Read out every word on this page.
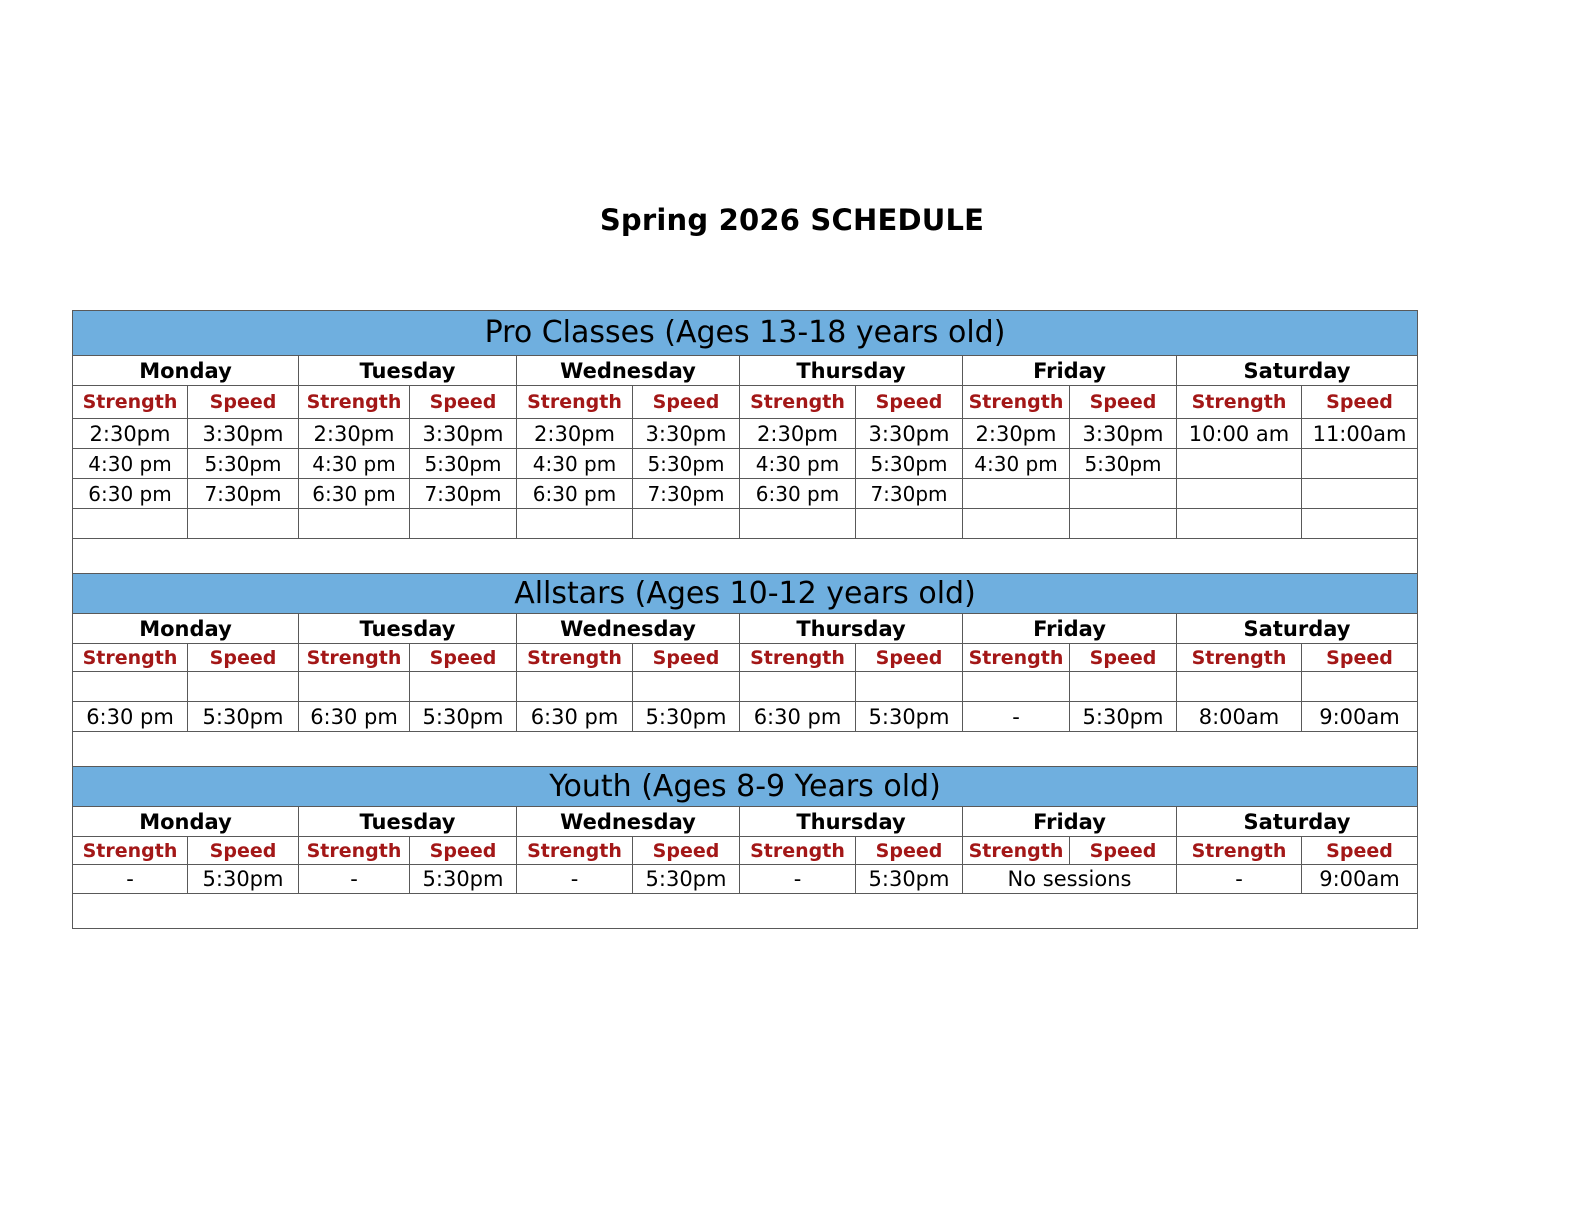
Spring 2026 SCHEDULE
Pro Classes (Ages 13-18 years old)											
Monday		Tuesday		Wednesday		Thursday		Friday		Saturday	
Strength	Speed	Strength	Speed	Strength	Speed	Strength	Speed	Strength	Speed	Strength	Speed
2:30pm	3:30pm	2:30pm	3:30pm	2:30pm	3:30pm	2:30pm	3:30pm	2:30pm	3:30pm	10:00 am	11:00am
4:30 pm	5:30pm	4:30 pm	5:30pm	4:30 pm	5:30pm	4:30 pm	5:30pm	4:30 pm	5:30pm		
6:30 pm	7:30pm	6:30 pm	7:30pm	6:30 pm	7:30pm	6:30 pm	7:30pm				

Allstars (Ages 10-12 years old)											
Monday		Tuesday		Wednesday		Thursday		Friday		Saturday	
Strength	Speed	Strength	Speed	Strength	Speed	Strength	Speed	Strength	Speed	Strength	Speed

6:30 pm	5:30pm	6:30 pm	5:30pm	6:30 pm	5:30pm	6:30 pm	5:30pm	-	5:30pm	8:00am	9:00am

Youth (Ages 8-9 Years old)											
Monday		Tuesday		Wednesday		Thursday		Friday		Saturday	
Strength	Speed	Strength	Speed	Strength	Speed	Strength	Speed	Strength	Speed	Strength	Speed
-	5:30pm	-	5:30pm	-	5:30pm	-	5:30pm	No sessions		-	9:00am
